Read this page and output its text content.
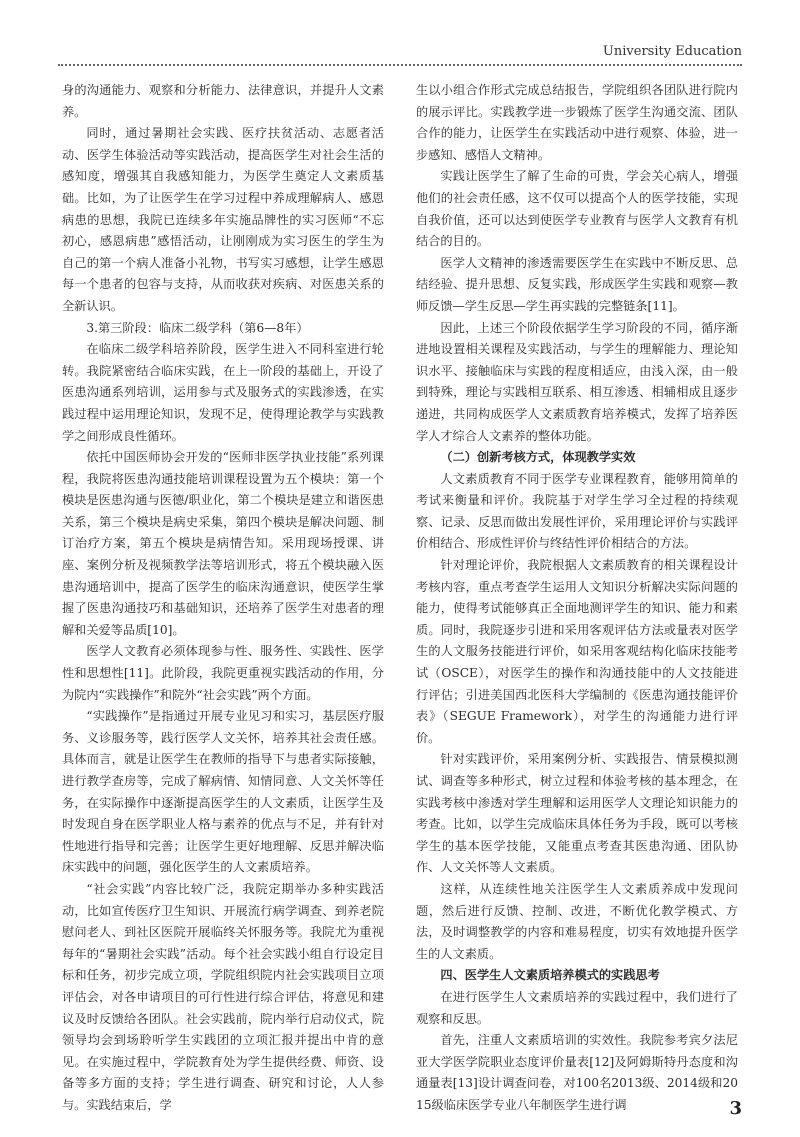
University Education

身的沟通能力、观察和分析能力、法律意识，并提升人文素养。

同时，通过暑期社会实践、医疗扶贫活动、志愿者活动、医学生体验活动等实践活动，提高医学生对社会生活的感知度，增强其自我感知能力，为医学生奠定人文素质基础。比如，为了让医学生在学习过程中养成理解病人、感恩病患的思想，我院已连续多年实施品牌性的实习医师“不忘初心，感恩病患”感悟活动，让刚刚成为实习医生的学生为自己的第一个病人准备小礼物，书写实习感想，让学生感恩每一个患者的包容与支持，从而收获对疾病、对医患关系的全新认识。

3.第三阶段：临床二级学科（第6—8年）

在临床二级学科培养阶段，医学生进入不同科室进行轮转。我院紧密结合临床实践，在上一阶段的基础上，开设了医患沟通系列培训，运用参与式及服务式的实践渗透，在实践过程中运用理论知识，发现不足，使得理论教学与实践教学之间形成良性循环。

依托中国医师协会开发的“医师非医学执业技能”系列课程，我院将医患沟通技能培训课程设置为五个模块：第一个模块是医患沟通与医德/职业化，第二个模块是建立和谐医患关系，第三个模块是病史采集，第四个模块是解决问题、制订治疗方案，第五个模块是病情告知。采用现场授课、讲座、案例分析及视频教学法等培训形式，将五个模块融入医患沟通培训中，提高了医学生的临床沟通意识，使医学生掌握了医患沟通技巧和基础知识，还培养了医学生对患者的理解和关爱等品质[10]。

医学人文教育必须体现参与性、服务性、实践性、医学性和思想性[11]。此阶段，我院更重视实践活动的作用，分为院内“实践操作”和院外“社会实践”两个方面。

“实践操作”是指通过开展专业见习和实习，基层医疗服务、义诊服务等，践行医学人文关怀，培养其社会责任感。具体而言，就是让医学生在教师的指导下与患者实际接触，进行教学查房等，完成了解病情、知情同意、人文关怀等任务，在实际操作中逐渐提高医学生的人文素质，让医学生及时发现自身在医学职业人格与素养的优点与不足，并有针对性地进行指导和完善；让医学生更好地理解、反思并解决临床实践中的问题，强化医学生的人文素质培养。

“社会实践”内容比较广泛，我院定期举办多种实践活动，比如宣传医疗卫生知识、开展流行病学调查、到养老院慰问老人、到社区医院开展临终关怀服务等。我院尤为重视每年的“暑期社会实践”活动。每个社会实践小组自行设定目标和任务，初步完成立项，学院组织院内社会实践项目立项评估会，对各申请项目的可行性进行综合评估，将意见和建议及时反馈给各团队。社会实践前，院内举行启动仪式，院领导均会到场聆听学生实践团的立项汇报并提出中肯的意见。在实施过程中，学院教育处为学生提供经费、师资、设备等多方面的支持；学生进行调查、研究和讨论，人人参与。实践结束后，学

生以小组合作形式完成总结报告，学院组织各团队进行院内的展示评比。实践教学进一步锻炼了医学生沟通交流、团队合作的能力，让医学生在实践活动中进行观察、体验，进一步感知、感悟人文精神。

实践让医学生了解了生命的可贵，学会关心病人，增强他们的社会责任感，这不仅可以提高个人的医学技能，实现自我价值，还可以达到使医学专业教育与医学人文教育有机结合的目的。

医学人文精神的渗透需要医学生在实践中不断反思、总结经验、提升思想、反复实践，形成医学生实践和观察—教师反馈—学生反思—学生再实践的完整链条[11]。

因此，上述三个阶段依据学生学习阶段的不同，循序渐进地设置相关课程及实践活动，与学生的理解能力、理论知识水平、接触临床与实践的程度相适应，由浅入深，由一般到特殊，理论与实践相互联系、相互渗透、相辅相成且逐步递进，共同构成医学人文素质教育培养模式，发挥了培养医学人才综合人文素养的整体功能。

（二）创新考核方式，体现教学实效

人文素质教育不同于医学专业课程教育，能够用简单的考试来衡量和评价。我院基于对学生学习全过程的持续观察、记录、反思而做出发展性评价，采用理论评价与实践评价相结合、形成性评价与终结性评价相结合的方法。

针对理论评价，我院根据人文素质教育的相关课程设计考核内容，重点考查学生运用人文知识分析解决实际问题的能力，使得考试能够真正全面地测评学生的知识、能力和素质。同时，我院逐步引进和采用客观评估方法或量表对医学生的人文服务技能进行评价，如采用客观结构化临床技能考试（OSCE），对医学生的操作和沟通技能中的人文技能进行评估；引进美国西北医科大学编制的《医患沟通技能评价表》（SEGUE Framework），对学生的沟通能力进行评价。

针对实践评价，采用案例分析、实践报告、情景模拟测试、调查等多种形式，树立过程和体验考核的基本理念，在实践考核中渗透对学生理解和运用医学人文理论知识能力的考查。比如，以学生完成临床具体任务为手段，既可以考核学生的基本医学技能，又能重点考查其医患沟通、团队协作、人文关怀等人文素质。

这样，从连续性地关注医学生人文素质养成中发现问题，然后进行反馈、控制、改进，不断优化教学模式、方法，及时调整教学的内容和难易程度，切实有效地提升医学生的人文素质。

四、医学生人文素质培养模式的实践思考

在进行医学生人文素质培养的实践过程中，我们进行了观察和反思。

首先，注重人文素质培训的实效性。我院参考宾夕法尼亚大学医学院职业态度评价量表[12]及阿姆斯特丹态度和沟通量表[13]设计调查问卷，对100名2013级、2014级和2015级临床医学专业八年制医学生进行调	3
